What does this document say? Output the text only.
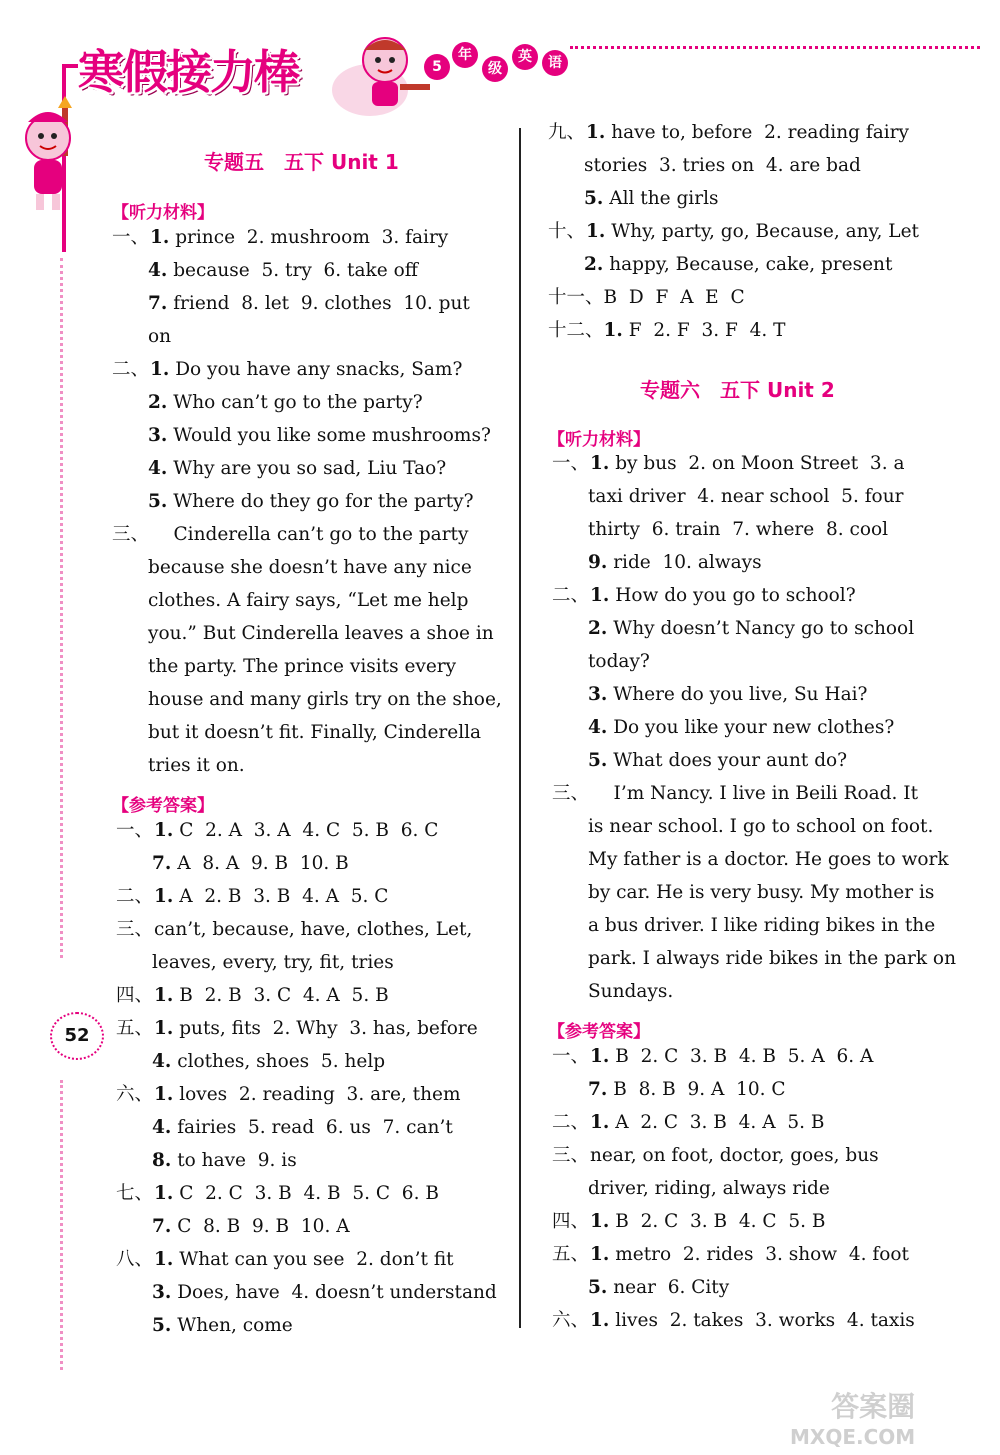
寒假接力棒	5
年
级
英	语
52
专题五　五下 Unit 1
【听力材料】
一、1. prince  2. mushroom  3. fairy
4. because  5. try  6. take off
7. friend  8. let  9. clothes  10. put
on
二、1. Do you have any snacks, Sam?
2. Who can’t go to the party?
3. Would you like some mushrooms?
4. Why are you so sad, Liu Tao?
5. Where do they go for the party?
三、    Cinderella can’t go to the party
because she doesn’t have any nice
clothes. A fairy says, “Let me help
you.” But Cinderella leaves a shoe in
the party. The prince visits every
house and many girls try on the shoe,
but it doesn’t fit. Finally, Cinderella
tries it on.
【参考答案】
一、1. C  2. A  3. A  4. C  5. B  6. C
7. A  8. A  9. B  10. B
二、1. A  2. B  3. B  4. A  5. C
三、can’t, because, have, clothes, Let,
leaves, every, try, fit, tries
四、1. B  2. B  3. C  4. A  5. B
五、1. puts, fits  2. Why  3. has, before
4. clothes, shoes  5. help
六、1. loves  2. reading  3. are, them
4. fairies  5. read  6. us  7. can’t
8. to have  9. is
七、1. C  2. C  3. B  4. B  5. C  6. B
7. C  8. B  9. B  10. A
八、1. What can you see  2. don’t fit
3. Does, have  4. doesn’t understand
5. When, come
九、1. have to, before  2. reading fairy
stories  3. tries on  4. are bad
5. All the girls
十、1. Why, party, go, Because, any, Let
2. happy, Because, cake, present
十一、B  D  F  A  E  C
十二、1. F  2. F  3. F  4. T
专题六　五下 Unit 2
【听力材料】
一、1. by bus  2. on Moon Street  3. a
taxi driver  4. near school  5. four
thirty  6. train  7. where  8. cool
9. ride  10. always
二、1. How do you go to school?
2. Why doesn’t Nancy go to school
today?
3. Where do you live, Su Hai?
4. Do you like your new clothes?
5. What does your aunt do?
三、    I’m Nancy. I live in Beili Road. It
is near school. I go to school on foot.
My father is a doctor. He goes to work
by car. He is very busy. My mother is
a bus driver. I like riding bikes in the
park. I always ride bikes in the park on
Sundays.
【参考答案】
一、1. B  2. C  3. B  4. B  5. A  6. A
7. B  8. B  9. A  10. C
二、1. A  2. C  3. B  4. A  5. B
三、near, on foot, doctor, goes, bus
driver, riding, always ride
四、1. B  2. C  3. B  4. C  5. B
五、1. metro  2. rides  3. show  4. foot
5. near  6. City
六、1. lives  2. takes  3. works  4. taxis
答案圈
MXQE.COM
